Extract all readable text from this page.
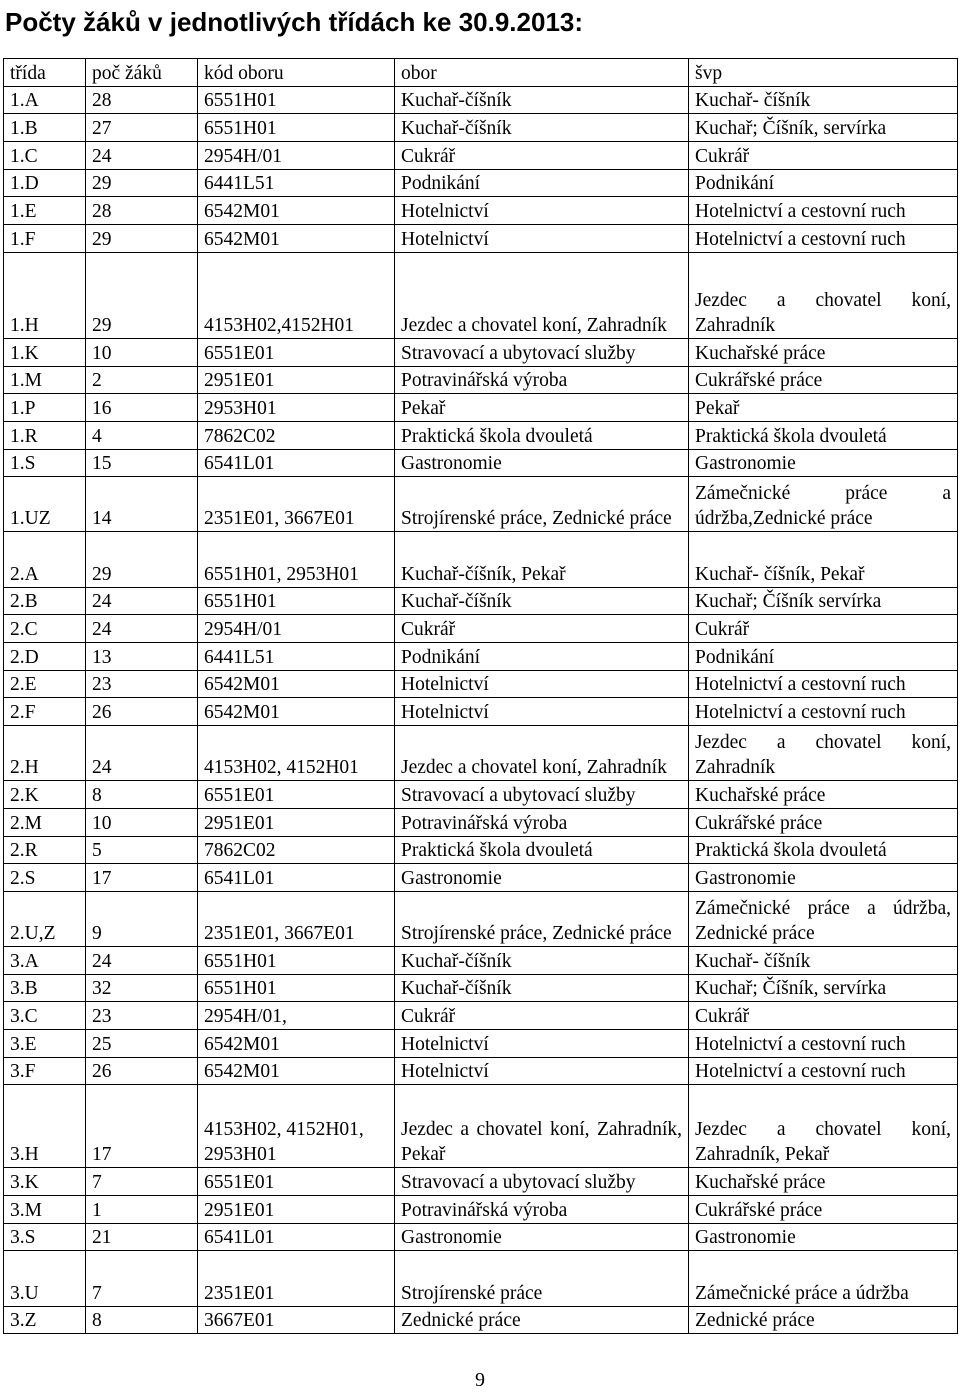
Počty žáků v jednotlivých třídách ke 30.9.2013:
třída	poč žáků	kód oboru	obor	švp
1.A	28	6551H01	Kuchař-číšník	Kuchař- číšník
1.B	27	6551H01	Kuchař-číšník	Kuchař; Číšník, servírka
1.C	24	2954H/01	Cukrář	Cukrář
1.D	29	6441L51	Podnikání	Podnikání
1.E	28	6542M01	Hotelnictví	Hotelnictví a cestovní ruch
1.F	29	6542M01	Hotelnictví	Hotelnictví a cestovní ruch
1.H	29	4153H02,4152H01	Jezdec a chovatel koní, Zahradník	Jezdec a chovatel koní, Zahradník
1.K	10	6551E01	Stravovací a ubytovací služby	Kuchařské práce
1.M	2	2951E01	Potravinářská výroba	Cukrářské práce
1.P	16	2953H01	Pekař	Pekař
1.R	4	7862C02	Praktická škola dvouletá	Praktická škola dvouletá
1.S	15	6541L01	Gastronomie	Gastronomie
1.UZ	14	2351E01, 3667E01	Strojírenské práce, Zednické práce	Zámečnické práce a údržba,Zednické práce
2.A	29	6551H01, 2953H01	Kuchař-číšník, Pekař	Kuchař- číšník, Pekař
2.B	24	6551H01	Kuchař-číšník	Kuchař; Číšník servírka
2.C	24	2954H/01	Cukrář	Cukrář
2.D	13	6441L51	Podnikání	Podnikání
2.E	23	6542M01	Hotelnictví	Hotelnictví a cestovní ruch
2.F	26	6542M01	Hotelnictví	Hotelnictví a cestovní ruch
2.H	24	4153H02, 4152H01	Jezdec a chovatel koní, Zahradník	Jezdec a chovatel koní, Zahradník
2.K	8	6551E01	Stravovací a ubytovací služby	Kuchařské práce
2.M	10	2951E01	Potravinářská výroba	Cukrářské práce
2.R	5	7862C02	Praktická škola dvouletá	Praktická škola dvouletá
2.S	17	6541L01	Gastronomie	Gastronomie
2.U,Z	9	2351E01, 3667E01	Strojírenské práce, Zednické práce	Zámečnické práce a údržba, Zednické práce
3.A	24	6551H01	Kuchař-číšník	Kuchař- číšník
3.B	32	6551H01	Kuchař-číšník	Kuchař; Číšník, servírka
3.C	23	2954H/01,	Cukrář	Cukrář
3.E	25	6542M01	Hotelnictví	Hotelnictví a cestovní ruch
3.F	26	6542M01	Hotelnictví	Hotelnictví a cestovní ruch
3.H	17	4153H02, 4152H01, 2953H01	Jezdec a chovatel koní, Zahradník, Pekař	Jezdec a chovatel koní, Zahradník, Pekař
3.K	7	6551E01	Stravovací a ubytovací služby	Kuchařské práce
3.M	1	2951E01	Potravinářská výroba	Cukrářské práce
3.S	21	6541L01	Gastronomie	Gastronomie
3.U	7	2351E01	Strojírenské práce	Zámečnické práce a údržba
3.Z	8	3667E01	Zednické práce	Zednické práce
9
